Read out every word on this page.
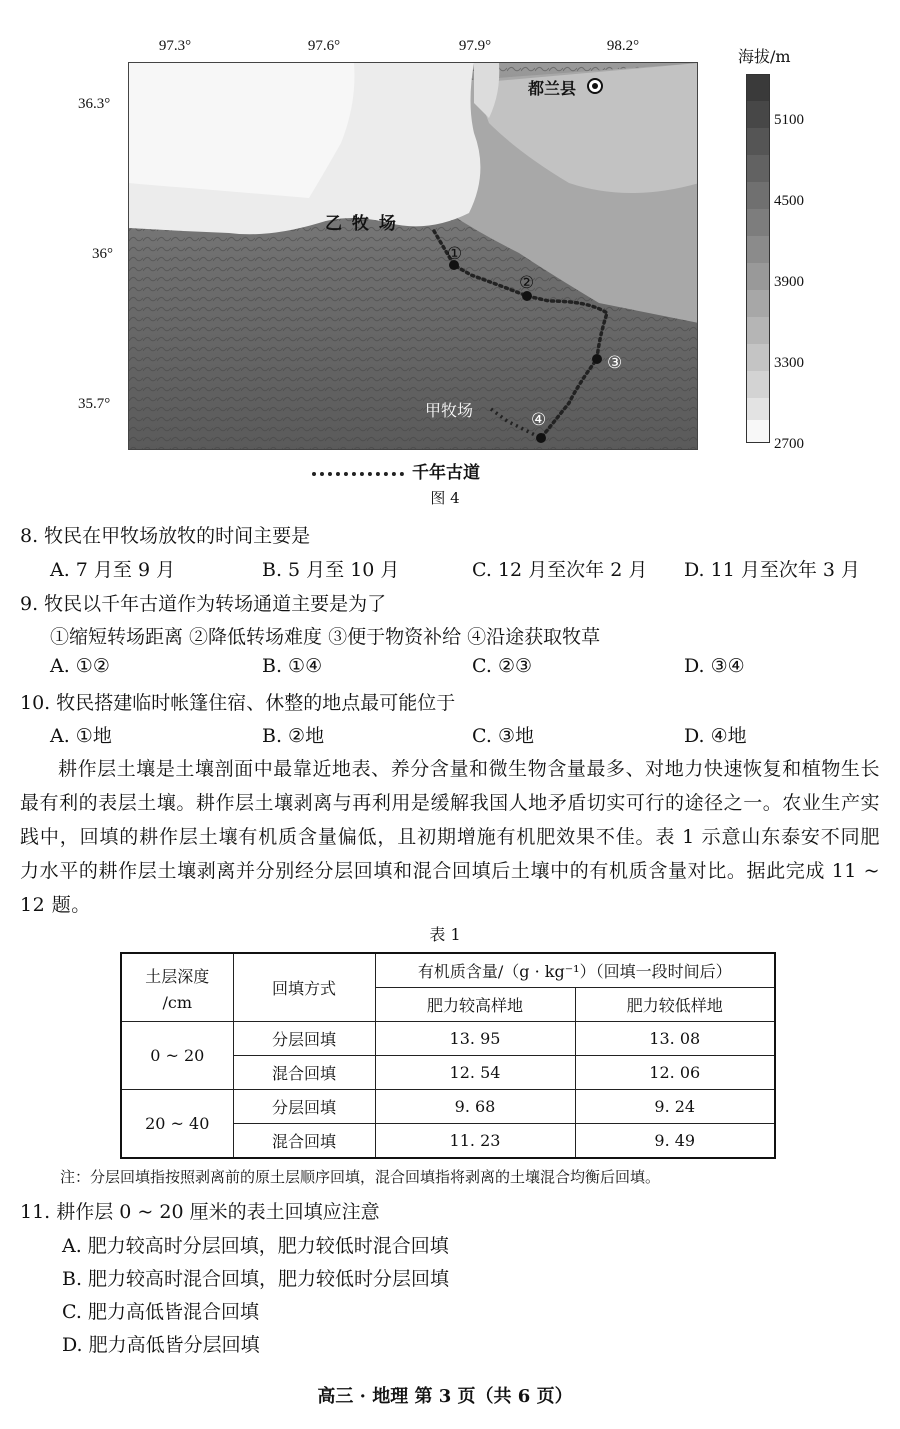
97.3°	97.6°	97.9°	98.2°
36.3°
36°
35.7°
都兰县
乙 牧 场
甲牧场
①
②
③
④
海拔/m
5100
4500
3900
3300
2700
千年古道
图 4
8. 牧民在甲牧场放牧的时间主要是
A. 7 月至 9 月	B. 5 月至 10 月	C. 12 月至次年 2 月 D. 11 月至次年 3 月
9. 牧民以千年古道作为转场通道主要是为了
①缩短转场距离 ②降低转场难度 ③便于物资补给 ④沿途获取牧草
A. ①②	B. ①④	C. ②③	D. ③④
10. 牧民搭建临时帐篷住宿、休整的地点最可能位于
A. ①地	B. ②地	C. ③地	D. ④地
耕作层土壤是土壤剖面中最靠近地表、养分含量和微生物含量最多、对地力快速恢复和植物生长最有利的表层土壤。耕作层土壤剥离与再利用是缓解我国人地矛盾切实可行的途径之一。农业生产实践中，回填的耕作层土壤有机质含量偏低，且初期增施有机肥效果不佳。表 1 示意山东泰安不同肥力水平的耕作层土壤剥离并分别经分层回填和混合回填后土壤中的有机质含量对比。据此完成 11 ~ 12 题。
表 1
土层深度
/cm	回填方式	有机质含量/（g · kg⁻¹）（回填一段时间后）	
		肥力较高样地	肥力较低样地
0 ~ 20	分层回填	13. 95	13. 08
	混合回填	12. 54	12. 06
20 ~ 40	分层回填	9. 68	9. 24
	混合回填	11. 23	9. 49
注：分层回填指按照剥离前的原土层顺序回填，混合回填指将剥离的土壤混合均衡后回填。
11. 耕作层 0 ~ 20 厘米的表土回填应注意
A. 肥力较高时分层回填，肥力较低时混合回填
B. 肥力较高时混合回填，肥力较低时分层回填
C. 肥力高低皆混合回填
D. 肥力高低皆分层回填
高三 · 地理 第 3 页（共 6 页）
